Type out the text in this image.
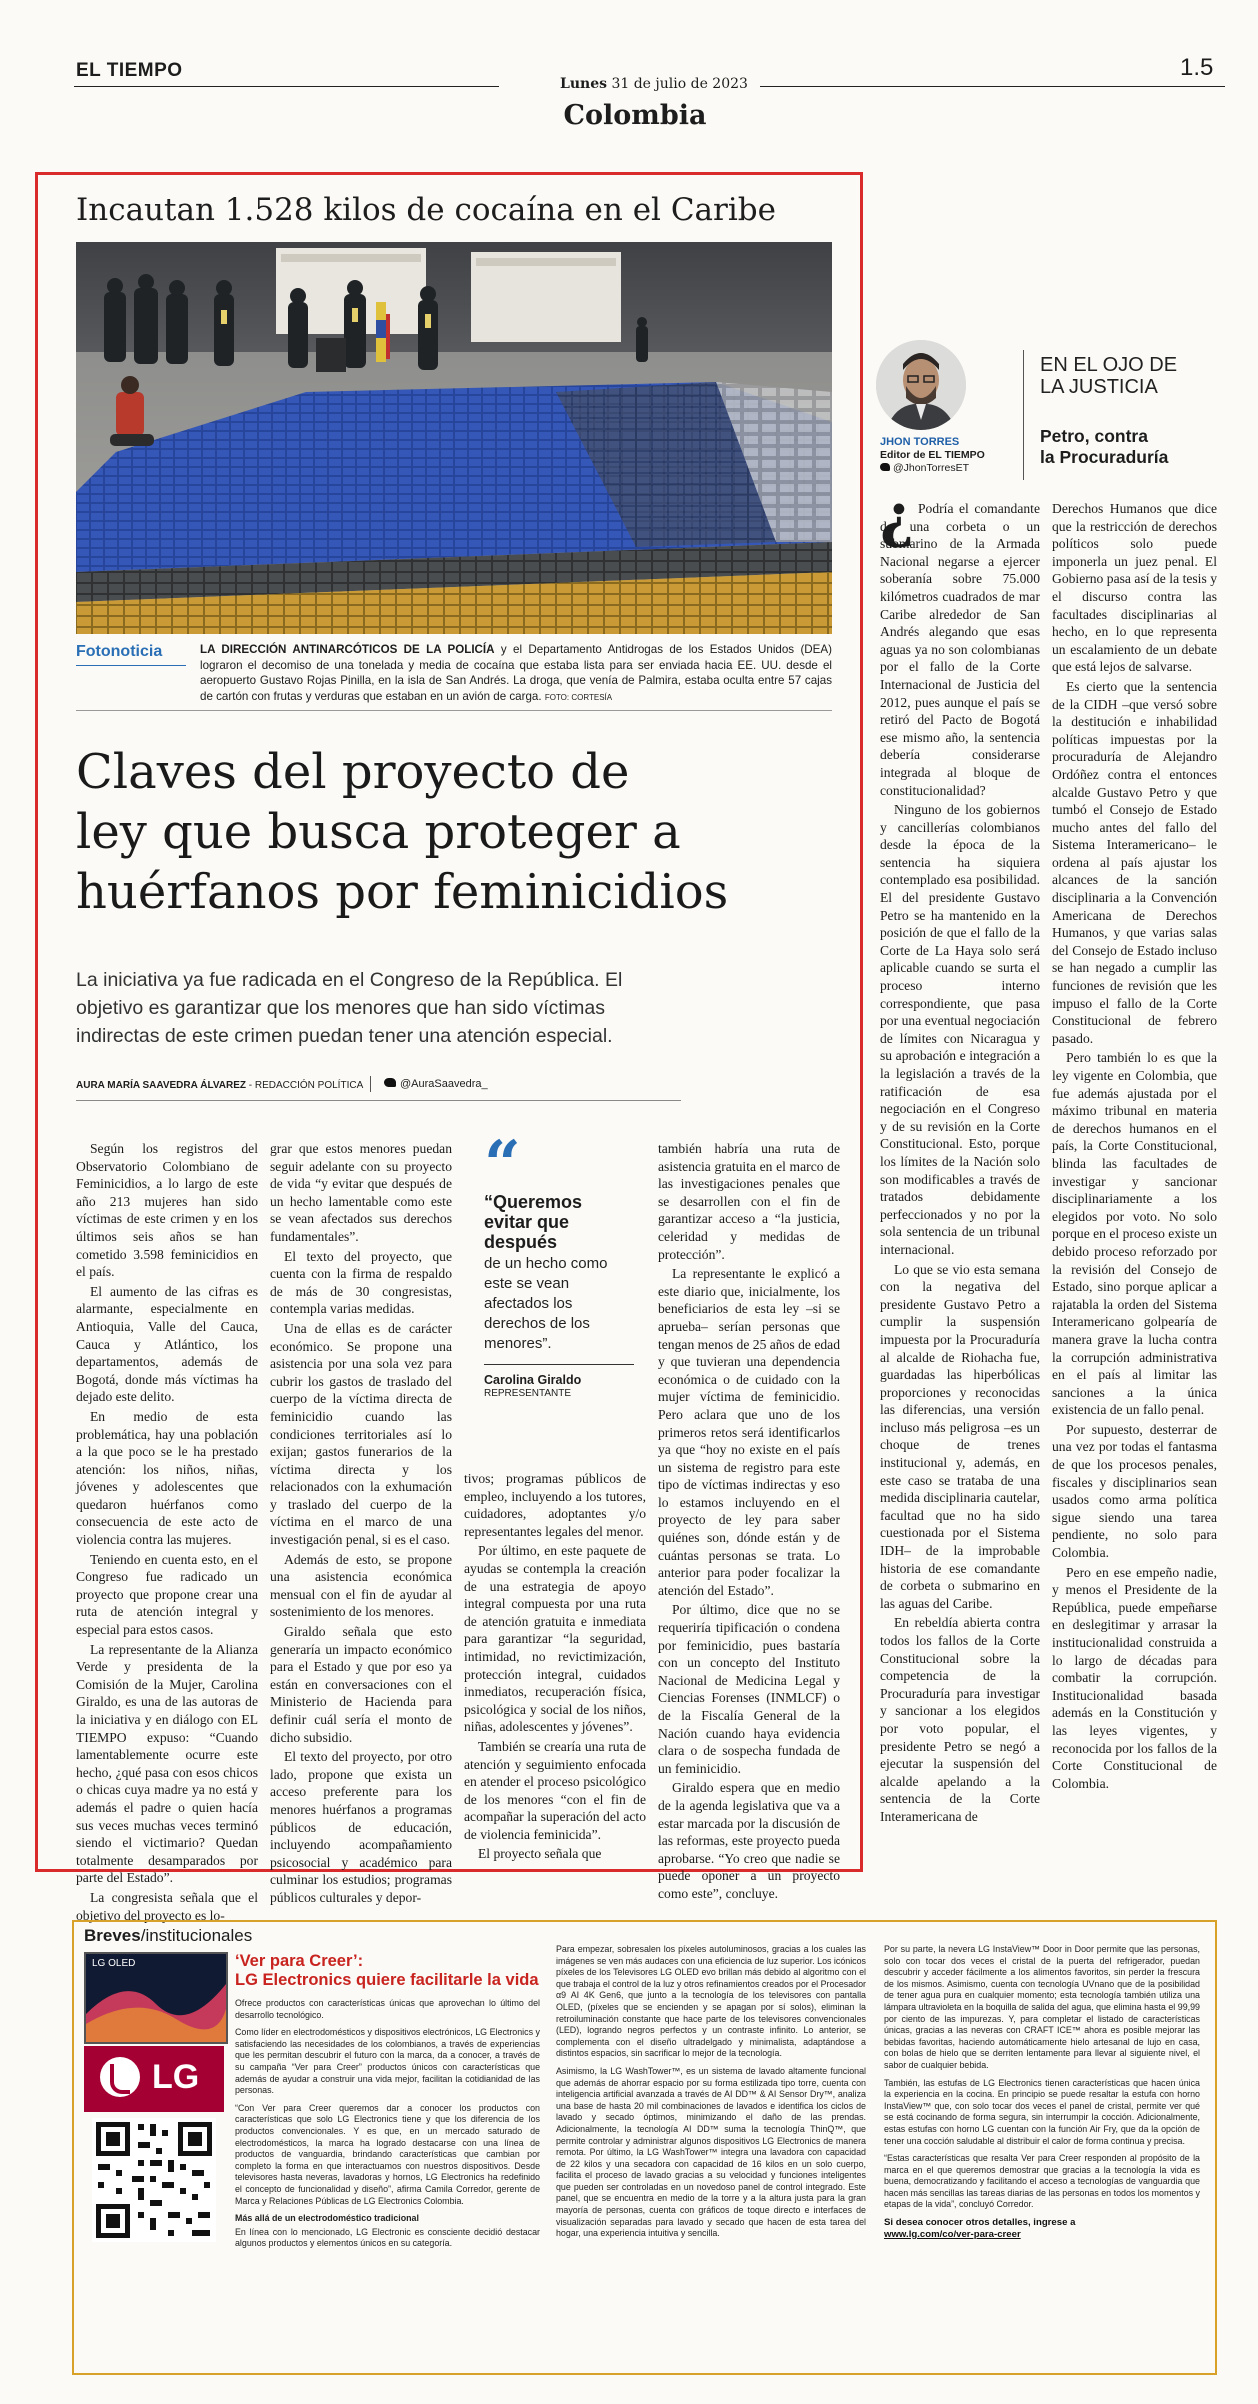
EL TIEMPO
Lunes 31 de julio de 2023
Colombia
1.5
Incautan 1.528 kilos de cocaína en el Caribe
Fotonoticia	LA DIRECCIÓN ANTINARCÓTICOS DE LA POLICÍA y el Departamento Antidrogas de los Estados Unidos (DEA) lograron el decomiso de una tonelada y media de cocaína que estaba lista para ser enviada hacia EE. UU. desde el aeropuerto Gustavo Rojas Pinilla, en la isla de San Andrés. La droga, que venía de Palmira, estaba oculta entre 57 cajas de cartón con frutas y verduras que estaban en un avión de carga. FOTO: CORTESÍA
Claves del proyecto de
ley que busca proteger a
huérfanos por feminicidios
La iniciativa ya fue radicada en el Congreso de la República. El
objetivo es garantizar que los menores que han sido víctimas
indirectas de este crimen puedan tener una atención especial.
AURA MARÍA SAAVEDRA ÁLVAREZ - REDACCIÓN POLÍTICA	@AuraSaavedra_

Según los registros del Observatorio Colombiano de Feminicidios, a lo largo de este año 213 mujeres han sido víctimas de este crimen y en los últimos seis años se han cometido 3.598 feminicidios en el país.

El aumento de las cifras es alarmante, especialmente en Antioquia, Valle del Cauca, Cauca y Atlántico, los departamentos, además de Bogotá, donde más víctimas ha dejado este delito.

En medio de esta problemática, hay una población a la que poco se le ha prestado atención: los niños, niñas, jóvenes y adolescentes que quedaron huérfanos como consecuencia de este acto de violencia contra las mujeres.

Teniendo en cuenta esto, en el Congreso fue radicado un proyecto que propone crear una ruta de atención integral y especial para estos casos.

La representante de la Alianza Verde y presidenta de la Comisión de la Mujer, Carolina Giraldo, es una de las autoras de la iniciativa y en diálogo con EL TIEMPO expuso: “Cuando lamentablemente ocurre este hecho, ¿qué pasa con esos chicos o chicas cuya madre ya no está y además el padre o quien hacía sus veces muchas veces terminó siendo el victimario? Quedan totalmente desamparados por parte del Estado”.

La congresista señala que el objetivo del proyecto es lo-

grar que estos menores puedan seguir adelante con su proyecto de vida “y evitar que después de un hecho lamentable como este se vean afectados sus derechos fundamentales”.

El texto del proyecto, que cuenta con la firma de respaldo de más de 30 congresistas, contempla varias medidas.

Una de ellas es de carácter económico. Se propone una asistencia por una sola vez para cubrir los gastos de traslado del cuerpo de la víctima directa de feminicidio cuando las condiciones territoriales así lo exijan; gastos funerarios de la víctima directa y los relacionados con la exhumación y traslado del cuerpo de la víctima en el marco de una investigación penal, si es el caso.

Además de esto, se propone una asistencia económica mensual con el fin de ayudar al sostenimiento de los menores.

Giraldo señala que esto generaría un impacto económico para el Estado y que por eso ya están en conversaciones con el Ministerio de Hacienda para definir cuál sería el monto de dicho subsidio.

El texto del proyecto, por otro lado, propone que exista un acceso preferente para los menores huérfanos a programas públicos de educación, incluyendo acompañamiento psicosocial y académico para culminar los estudios; programas públicos culturales y depor-

“
“Queremos evitar que después
de un hecho como este se vean afectados los derechos de los menores”.
Carolina Giraldo
REPRESENTANTE

tivos; programas públicos de empleo, incluyendo a los tutores, cuidadores, adoptantes y/o representantes legales del menor.

Por último, en este paquete de ayudas se contempla la creación de una estrategia de apoyo integral compuesta por una ruta de atención gratuita e inmediata para garantizar “la seguridad, intimidad, no revictimización, protección integral, cuidados inmediatos, recuperación física, psicológica y social de los niños, niñas, adolescentes y jóvenes”.

También se crearía una ruta de atención y seguimiento enfocada en atender el proceso psicológico de los menores “con el fin de acompañar la superación del acto de violencia feminicida”.

El proyecto señala que

también habría una ruta de asistencia gratuita en el marco de las investigaciones penales que se desarrollen con el fin de garantizar acceso a “la justicia, celeridad y medidas de protección”.

La representante le explicó a este diario que, inicialmente, los beneficiarios de esta ley –si se aprueba– serían personas que tengan menos de 25 años de edad y que tuvieran una dependencia económica o de cuidado con la mujer víctima de feminicidio. Pero aclara que uno de los primeros retos será identificarlos ya que “hoy no existe en el país un sistema de registro para este tipo de víctimas indirectas y eso lo estamos incluyendo en el proyecto de ley para saber quiénes son, dónde están y de cuántas personas se trata. Lo anterior para poder focalizar la atención del Estado”.

Por último, dice que no se requeriría tipificación o condena por feminicidio, pues bastaría con un concepto del Instituto Nacional de Medicina Legal y Ciencias Forenses (INMLCF) o de la Fiscalía General de la Nación cuando haya evidencia clara o de sospecha fundada de un feminicidio.

Giraldo espera que en medio de la agenda legislativa que va a estar marcada por la discusión de las reformas, este proyecto pueda aprobarse. “Yo creo que nadie se puede oponer a un proyecto como este”, concluye.

JHON TORRES
Editor de EL TIEMPO
@JhonTorresET
EN EL OJO DE
LA JUSTICIA
Petro, contra
la Procuraduría
¿ Podría el comandante de una corbeta o un submarino de la Armada Nacional negarse a ejercer soberanía sobre 75.000 kilómetros cuadrados de mar Caribe alrededor de San Andrés alegando que esas aguas ya no son colombianas por el fallo de la Corte Internacional de Justicia del 2012, pues aunque el país se retiró del Pacto de Bogotá ese mismo año, la sentencia debería considerarse integrada al bloque de constitucionalidad?

Ninguno de los gobiernos y cancillerías colombianos desde la época de la sentencia ha siquiera contemplado esa posibilidad. El del presidente Gustavo Petro se ha mantenido en la posición de que el fallo de la Corte de La Haya solo será aplicable cuando se surta el proceso interno correspondiente, que pasa por una eventual negociación de límites con Nicaragua y su aprobación e integración a la legislación a través de la ratificación de esa negociación en el Congreso y de su revisión en la Corte Constitucional. Esto, porque los límites de la Nación solo son modificables a través de tratados debidamente perfeccionados y no por la sola sentencia de un tribunal internacional.

Lo que se vio esta semana con la negativa del presidente Gustavo Petro a cumplir la suspensión impuesta por la Procuraduría al alcalde de Riohacha fue, guardadas las hiperbólicas proporciones y reconocidas las diferencias, una versión incluso más peligrosa –es un choque de trenes institucional y, además, en este caso se trataba de una medida disciplinaria cautelar, facultad que no ha sido cuestionada por el Sistema IDH– de la improbable historia de ese comandante de corbeta o submarino en las aguas del Caribe.

En rebeldía abierta contra todos los fallos de la Corte Constitucional sobre la competencia de la Procuraduría para investigar y sancionar a los elegidos por voto popular, el presidente Petro se negó a ejecutar la suspensión del alcalde apelando a la sentencia de la Corte Interamericana de

Derechos Humanos que dice que la restricción de derechos políticos solo puede imponerla un juez penal. El Gobierno pasa así de la tesis y el discurso contra las facultades disciplinarias al hecho, en lo que representa un escalamiento de un debate que está lejos de salvarse.

Es cierto que la sentencia de la CIDH –que versó sobre la destitución e inhabilidad políticas impuestas por la procuraduría de Alejandro Ordóñez contra el entonces alcalde Gustavo Petro y que tumbó el Consejo de Estado mucho antes del fallo del Sistema Interamericano– le ordena al país ajustar los alcances de la sanción disciplinaria a la Convención Americana de Derechos Humanos, y que varias salas del Consejo de Estado incluso se han negado a cumplir las funciones de revisión que les impuso el fallo de la Corte Constitucional de febrero pasado.

Pero también lo es que la ley vigente en Colombia, que fue además ajustada por el máximo tribunal en materia de derechos humanos en el país, la Corte Constitucional, blinda las facultades de investigar y sancionar disciplinariamente a los elegidos por voto. No solo porque en el proceso existe un debido proceso reforzado por la revisión del Consejo de Estado, sino porque aplicar a rajatabla la orden del Sistema Interamericano golpearía de manera grave la lucha contra la corrupción administrativa en el país al limitar las sanciones a la única existencia de un fallo penal.

Por supuesto, desterrar de una vez por todas el fantasma de que los procesos penales, fiscales y disciplinarios sean usados como arma política sigue siendo una tarea pendiente, no solo para Colombia.

Pero en ese empeño nadie, y menos el Presidente de la República, puede empeñarse en deslegitimar y arrasar la institucionalidad construida a lo largo de décadas para combatir la corrupción. Institucionalidad basada además en la Constitución y las leyes vigentes, y reconocida por los fallos de la Corte Constitucional de Colombia.

Breves/institucionales
LG OLED
LG
‘Ver para Creer’:
LG Electronics quiere facilitarle la vida

Ofrece productos con características únicas que aprovechan lo último del desarrollo tecnológico.

Como líder en electrodomésticos y dispositivos electrónicos, LG Electronics y satisfaciendo las necesidades de los colombianos, a través de experiencias que les permitan descubrir el futuro con la marca, da a conocer, a través de su campaña “Ver para Creer” productos únicos con características que además de ayudar a construir una vida mejor, facilitan la cotidianidad de las personas.

“Con Ver para Creer queremos dar a conocer los productos con características que solo LG Electronics tiene y que los diferencia de los productos convencionales. Y es que, en un mercado saturado de electrodomésticos, la marca ha logrado destacarse con una línea de productos de vanguardia, brindando características que cambian por completo la forma en que interactuamos con nuestros dispositivos. Desde televisores hasta neveras, lavadoras y hornos, LG Electronics ha redefinido el concepto de funcionalidad y diseño”, afirma Camila Corredor, gerente de Marca y Relaciones Públicas de LG Electronics Colombia.

Más allá de un electrodoméstico tradicional

En línea con lo mencionado, LG Electronic es consciente decidió destacar algunos productos y elementos únicos en su categoría.

Para empezar, sobresalen los píxeles autoluminosos, gracias a los cuales las imágenes se ven más audaces con una eficiencia de luz superior. Los icónicos píxeles de los Televisores LG OLED evo brillan más debido al algoritmo con el que trabaja el control de la luz y otros refinamientos creados por el Procesador α9 AI 4K Gen6, que junto a la tecnología de los televisores con pantalla OLED, (píxeles que se encienden y se apagan por sí solos), eliminan la retroiluminación constante que hace parte de los televisores convencionales (LED), logrando negros perfectos y un contraste infinito. Lo anterior, se complementa con el diseño ultradelgado y minimalista, adaptándose a distintos espacios, sin sacrificar lo mejor de la tecnología.

Asimismo, la LG WashTower™, es un sistema de lavado altamente funcional que además de ahorrar espacio por su forma estilizada tipo torre, cuenta con inteligencia artificial avanzada a través de AI DD™ & AI Sensor Dry™, analiza una base de hasta 20 mil combinaciones de lavados e identifica los ciclos de lavado y secado óptimos, minimizando el daño de las prendas. Adicionalmente, la tecnología AI DD™ suma la tecnología ThinQ™, que permite controlar y administrar algunos dispositivos LG Electronics de manera remota. Por último, la LG WashTower™ integra una lavadora con capacidad de 22 kilos y una secadora con capacidad de 16 kilos en un solo cuerpo, facilita el proceso de lavado gracias a su velocidad y funciones inteligentes que pueden ser controladas en un novedoso panel de control integrado. Este panel, que se encuentra en medio de la torre y a la altura justa para la gran mayoría de personas, cuenta con gráficos de toque directo e interfaces de visualización separadas para lavado y secado que hacen de esta tarea del hogar, una experiencia intuitiva y sencilla.

Por su parte, la nevera LG InstaView™ Door in Door permite que las personas, solo con tocar dos veces el cristal de la puerta del refrigerador, puedan descubrir y acceder fácilmente a los alimentos favoritos, sin perder la frescura de los mismos. Asimismo, cuenta con tecnología UVnano que de la posibilidad de tener agua pura en cualquier momento; esta tecnología también utiliza una lámpara ultravioleta en la boquilla de salida del agua, que elimina hasta el 99,99 por ciento de las impurezas. Y, para completar el listado de características únicas, gracias a las neveras con CRAFT ICE™ ahora es posible mejorar las bebidas favoritas, haciendo automáticamente hielo artesanal de lujo en casa, con bolas de hielo que se derriten lentamente para llevar al siguiente nivel, el sabor de cualquier bebida.

También, las estufas de LG Electronics tienen características que hacen única la experiencia en la cocina. En principio se puede resaltar la estufa con horno InstaView™ que, con solo tocar dos veces el panel de cristal, permite ver qué se está cocinando de forma segura, sin interrumpir la cocción. Adicionalmente, estas estufas con horno LG cuentan con la función Air Fry, que da la opción de tener una cocción saludable al distribuir el calor de forma continua y precisa.

“Estas características que resalta Ver para Creer responden al propósito de la marca en el que queremos demostrar que gracias a la tecnología la vida es buena, democratizando y facilitando el acceso a tecnologías de vanguardia que hacen más sencillas las tareas diarias de las personas en todos los momentos y etapas de la vida”, concluyó Corredor.

Si desea conocer otros detalles, ingrese a
www.lg.com/co/ver-para-creer
